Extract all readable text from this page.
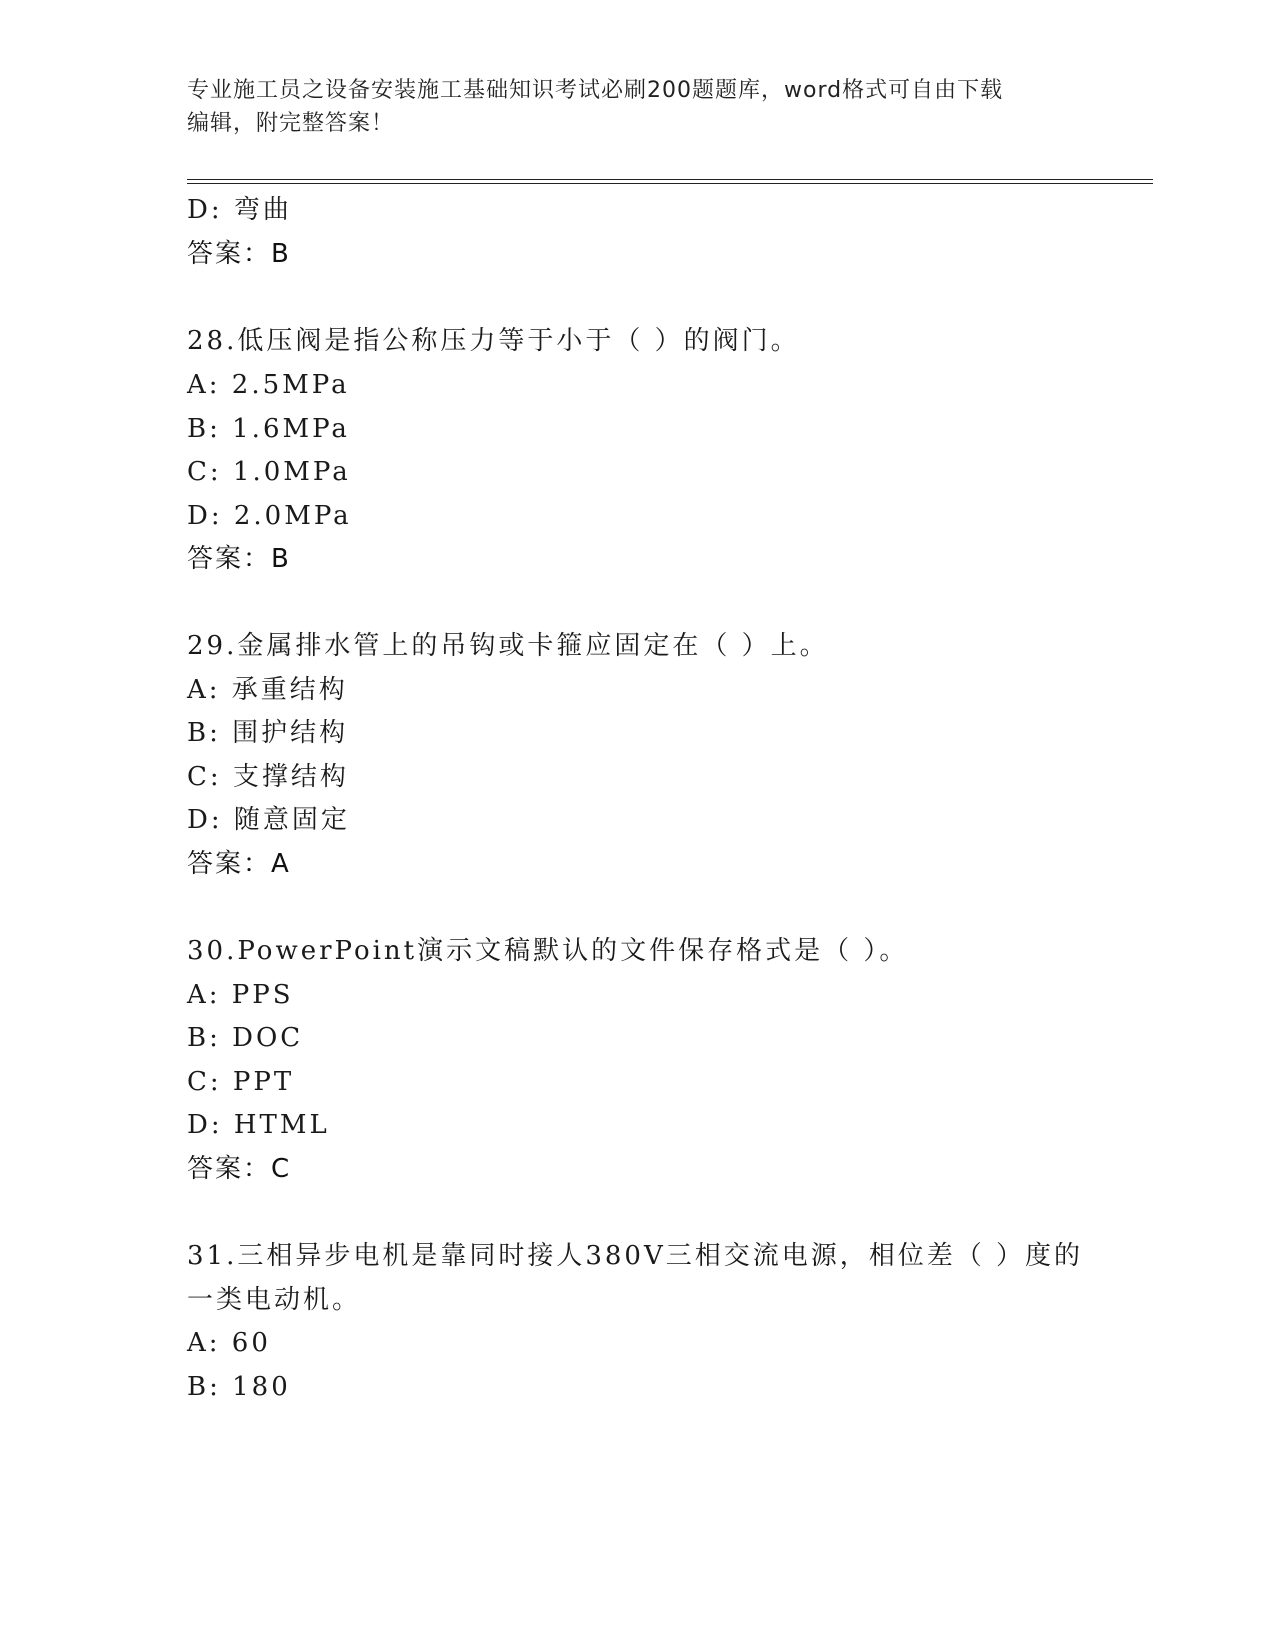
专业施工员之设备安装施工基础知识考试必刷200题题库，word格式可自由下载
编辑，附完整答案！
D: 弯曲
答案：B
28.低压阀是指公称压力等于小于（ ）的阀门。
A: 2.5MPa
B: 1.6MPa
C: 1.0MPa
D: 2.0MPa
答案：B
29.金属排水管上的吊钩或卡箍应固定在（ ）上。
A: 承重结构
B: 围护结构
C: 支撑结构
D: 随意固定
答案：A
30.PowerPoint演示文稿默认的文件保存格式是（ ）。
A: PPS
B: DOC
C: PPT
D: HTML
答案：C
31.三相异步电机是靠同时接人380V三相交流电源，相位差（ ）度的
一类电动机。
A: 60
B: 180
